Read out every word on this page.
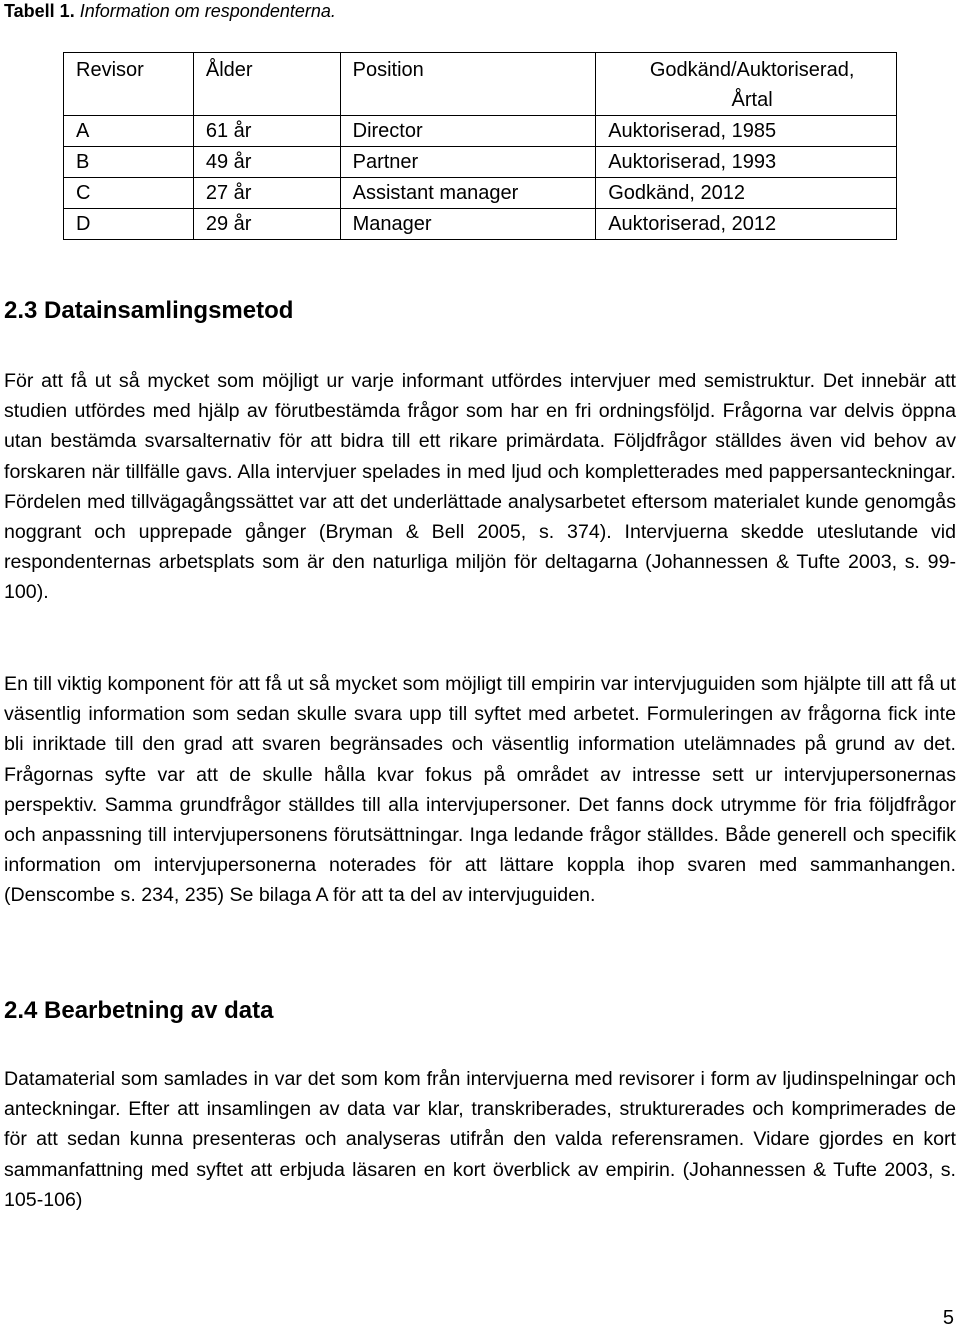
Tabell 1. Information om respondenterna.
Revisor	Ålder	Position	Godkänd/Auktoriserad,
Årtal
A	61 år	Director	Auktoriserad, 1985
B	49 år	Partner	Auktoriserad, 1993
C	27 år	Assistant manager	Godkänd, 2012
D	29 år	Manager	Auktoriserad, 2012
2.3 Datainsamlingsmetod

För att få ut så mycket som möjligt ur varje informant utfördes intervjuer med semistruktur. Det innebär att studien utfördes med hjälp av förutbestämda frågor som har en fri ordningsföljd. Frågorna var delvis öppna utan bestämda svarsalternativ för att bidra till ett rikare primärdata. Följdfrågor ställdes även vid behov av forskaren när tillfälle gavs. Alla intervjuer spelades in med ljud och kompletterades med pappersanteckningar. Fördelen med tillvägagångssättet var att det underlättade analysarbetet eftersom materialet kunde genomgås noggrant och upprepade gånger (Bryman & Bell 2005, s. 374). Intervjuerna skedde uteslutande vid respondenternas arbetsplats som är den naturliga miljön för deltagarna (Johannessen & Tufte 2003, s. 99-100).

En till viktig komponent för att få ut så mycket som möjligt till empirin var intervjuguiden som hjälpte till att få ut väsentlig information som sedan skulle svara upp till syftet med arbetet. Formuleringen av frågorna fick inte bli inriktade till den grad att svaren begränsades och väsentlig information utelämnades på grund av det. Frågornas syfte var att de skulle hålla kvar fokus på området av intresse sett ur intervjupersonernas perspektiv. Samma grundfrågor ställdes till alla intervjupersoner. Det fanns dock utrymme för fria följdfrågor och anpassning till intervjupersonens förutsättningar. Inga ledande frågor ställdes. Både generell och specifik information om intervjupersonerna noterades för att lättare koppla ihop svaren med sammanhangen. (Denscombe s. 234, 235) Se bilaga A för att ta del av intervjuguiden.

2.4 Bearbetning av data

Datamaterial som samlades in var det som kom från intervjuerna med revisorer i form av ljudinspelningar och anteckningar. Efter att insamlingen av data var klar, transkriberades, strukturerades och komprimerades de för att sedan kunna presenteras och analyseras utifrån den valda referensramen. Vidare gjordes en kort sammanfattning med syftet att erbjuda läsaren en kort överblick av empirin. (Johannessen & Tufte 2003, s. 105-106)

5
